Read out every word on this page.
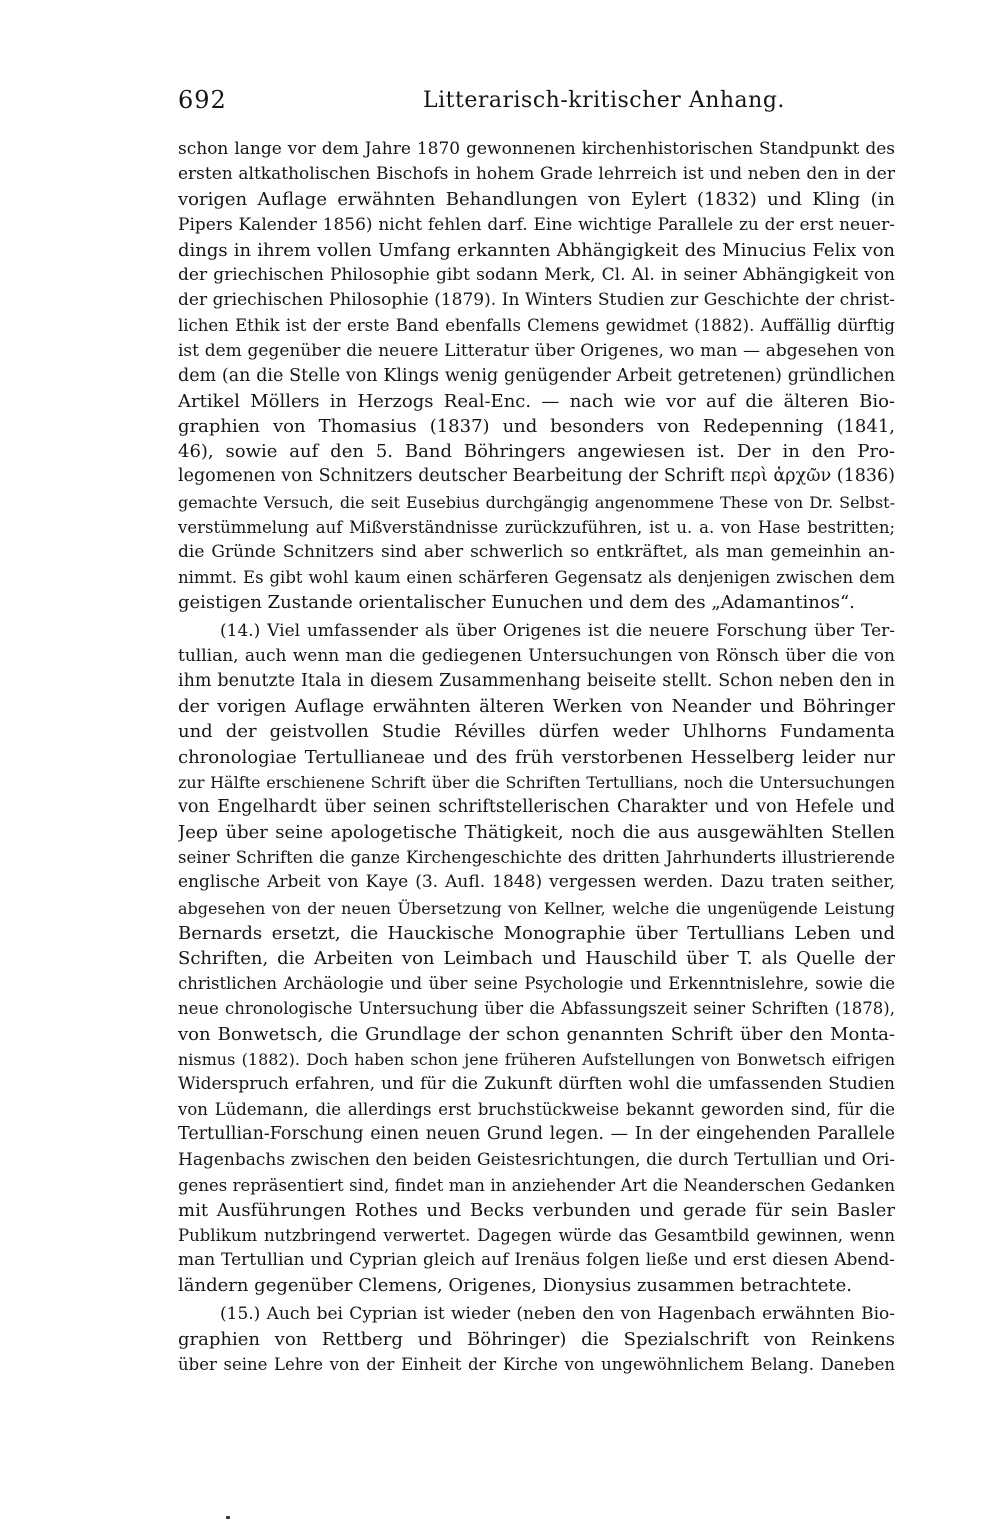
692	Litterarisch-kritischer Anhang.
schon lange vor dem Jahre 1870 gewonnenen kirchenhistorischen Standpunkt des
ersten altkatholischen Bischofs in hohem Grade lehrreich ist und neben den in der
vorigen Auflage erwähnten Behandlungen von Eylert (1832) und Kling (in
Pipers Kalender 1856) nicht fehlen darf. Eine wichtige Parallele zu der erst neuer-
dings in ihrem vollen Umfang erkannten Abhängigkeit des Minucius Felix von
der griechischen Philosophie gibt sodann Merk, Cl. Al. in seiner Abhängigkeit von
der griechischen Philosophie (1879). In Winters Studien zur Geschichte der christ-
lichen Ethik ist der erste Band ebenfalls Clemens gewidmet (1882). Auffällig dürftig
ist dem gegenüber die neuere Litteratur über Origenes, wo man — abgesehen von
dem (an die Stelle von Klings wenig genügender Arbeit getretenen) gründlichen
Artikel Möllers in Herzogs Real-Enc. — nach wie vor auf die älteren Bio-
graphien von Thomasius (1837) und besonders von Redepenning (1841,
46), sowie auf den 5. Band Böhringers angewiesen ist. Der in den Pro-
legomenen von Schnitzers deutscher Bearbeitung der Schrift περὶ ἀρχῶν (1836)
gemachte Versuch, die seit Eusebius durchgängig angenommene These von Dr. Selbst-
verstümmelung auf Mißverständnisse zurückzuführen, ist u. a. von Hase bestritten;
die Gründe Schnitzers sind aber schwerlich so entkräftet, als man gemeinhin an-
nimmt. Es gibt wohl kaum einen schärferen Gegensatz als denjenigen zwischen dem
geistigen Zustande orientalischer Eunuchen und dem des „Adamantinos“.
(14.) Viel umfassender als über Origenes ist die neuere Forschung über Ter-
tullian, auch wenn man die gediegenen Untersuchungen von Rönsch über die von
ihm benutzte Itala in diesem Zusammenhang beiseite stellt. Schon neben den in
der vorigen Auflage erwähnten älteren Werken von Neander und Böhringer
und der geistvollen Studie Révilles dürfen weder Uhlhorns Fundamenta
chronologiae Tertullianeae und des früh verstorbenen Hesselberg leider nur
zur Hälfte erschienene Schrift über die Schriften Tertullians, noch die Untersuchungen
von Engelhardt über seinen schriftstellerischen Charakter und von Hefele und
Jeep über seine apologetische Thätigkeit, noch die aus ausgewählten Stellen
seiner Schriften die ganze Kirchengeschichte des dritten Jahrhunderts illustrierende
englische Arbeit von Kaye (3. Aufl. 1848) vergessen werden. Dazu traten seither,
abgesehen von der neuen Übersetzung von Kellner, welche die ungenügende Leistung
Bernards ersetzt, die Hauckische Monographie über Tertullians Leben und
Schriften, die Arbeiten von Leimbach und Hauschild über T. als Quelle der
christlichen Archäologie und über seine Psychologie und Erkenntnislehre, sowie die
neue chronologische Untersuchung über die Abfassungszeit seiner Schriften (1878),
von Bonwetsch, die Grundlage der schon genannten Schrift über den Monta-
nismus (1882). Doch haben schon jene früheren Aufstellungen von Bonwetsch eifrigen
Widerspruch erfahren, und für die Zukunft dürften wohl die umfassenden Studien
von Lüdemann, die allerdings erst bruchstückweise bekannt geworden sind, für die
Tertullian-Forschung einen neuen Grund legen. — In der eingehenden Parallele
Hagenbachs zwischen den beiden Geistesrichtungen, die durch Tertullian und Ori-
genes repräsentiert sind, findet man in anziehender Art die Neanderschen Gedanken
mit Ausführungen Rothes und Becks verbunden und gerade für sein Basler
Publikum nutzbringend verwertet. Dagegen würde das Gesamtbild gewinnen, wenn
man Tertullian und Cyprian gleich auf Irenäus folgen ließe und erst diesen Abend-
ländern gegenüber Clemens, Origenes, Dionysius zusammen betrachtete.
(15.) Auch bei Cyprian ist wieder (neben den von Hagenbach erwähnten Bio-
graphien von Rettberg und Böhringer) die Spezialschrift von Reinkens
über seine Lehre von der Einheit der Kirche von ungewöhnlichem Belang. Daneben
